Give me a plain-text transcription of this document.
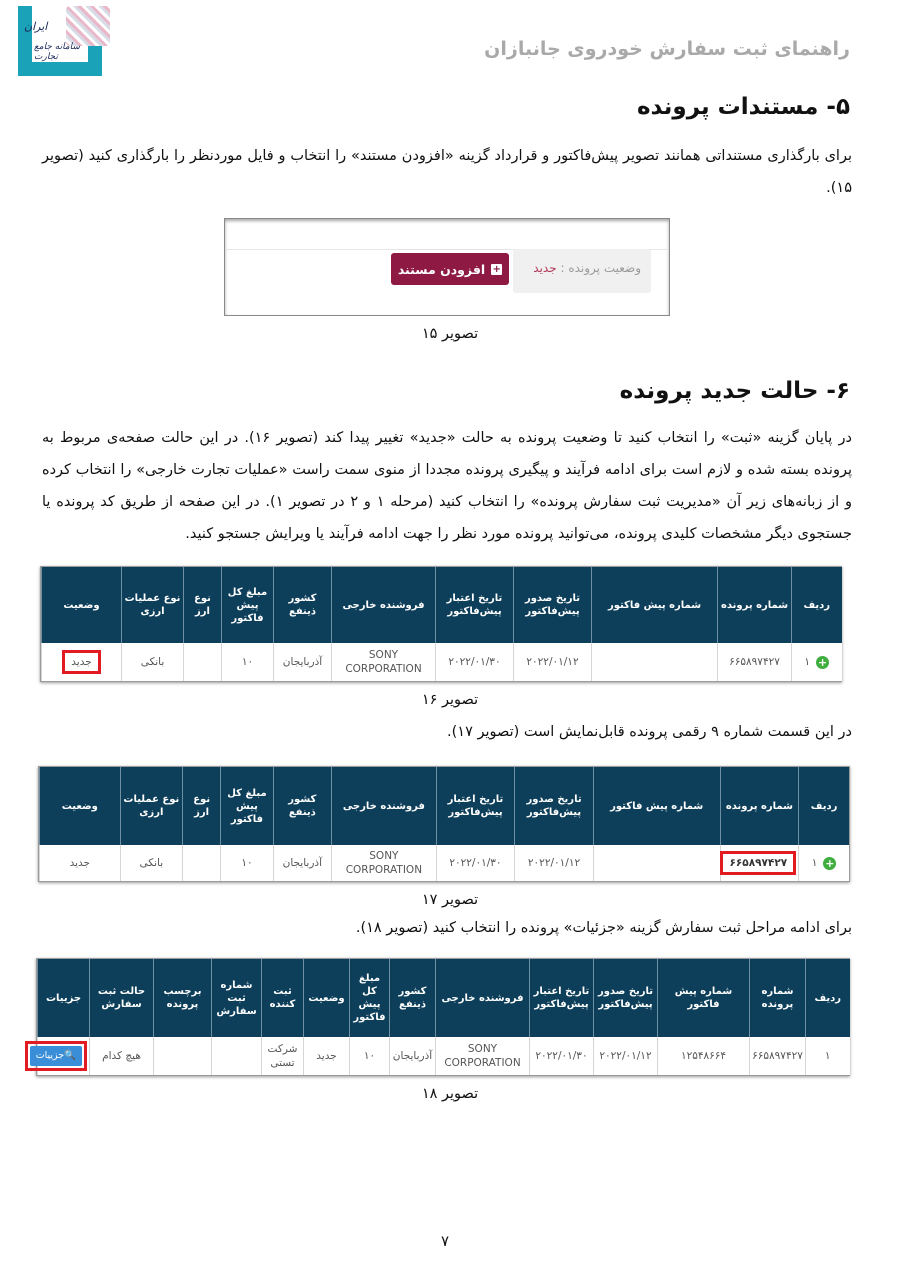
ایران
سامانه جامع تجارت	راهنمای ثبت سفارش خودروی جانبازان
۵- مستندات پرونده
برای بارگذاری مستنداتی همانند تصویر پیش‌فاکتور و قرارداد گزینه «افزودن مستند» را انتخاب و فایل مورد‌نظر را بارگذاری کنید (تصویر ۱۵).
وضعیت پرونده : جدید
+
افزودن مستند
تصویر ۱۵
۶- حالت جدید پرونده
در پایان گزینه «ثبت» را انتخاب کنید تا وضعیت پرونده به حالت «جدید» تغییر پیدا کند (تصویر ۱۶). در این حالت صفحه‌ی مربوط به پرونده بسته شده و لازم است برای ادامه فرآیند و پیگیری پرونده مجددا از منوی سمت راست «عملیات تجارت خارجی» را انتخاب کرده و از زبانه‌های زیر آن «مدیریت ثبت سفارش پرونده» را انتخاب کنید (مرحله ۱ و ۲ در تصویر ۱). در این صفحه از طریق کد پرونده یا جستجوی دیگر مشخصات کلیدی پرونده، می‌توانید پرونده مورد نظر را جهت ادامه فرآیند یا ویرایش جستجو کنید.
ردیف	شماره پرونده	شماره پیش فاکتور	تاریخ صدور پیش‌فاکتور	تاریخ اعتبار پیش‌فاکتور	فروشنده خارجی	کشور ذینفع	مبلغ کل پیش فاکتور	نوع ارز	نوع عملیات ارزی	وضعیت
+۱	۶۶۵۸۹۷۴۲۷		۲۰۲۲/۰۱/۱۲	۲۰۲۲/۰۱/۳۰	SONY CORPORATION	آذربایجان	۱۰		بانکی	جدید
تصویر ۱۶
در این قسمت شماره ۹ رقمی پرونده قابل‌نمایش است (تصویر ۱۷).
ردیف	شماره پرونده	شماره پیش فاکتور	تاریخ صدور پیش‌فاکتور	تاریخ اعتبار پیش‌فاکتور	فروشنده خارجی	کشور ذینفع	مبلغ کل پیش فاکتور	نوع ارز	نوع عملیات ارزی	وضعیت
+۱	۶۶۵۸۹۷۴۲۷		۲۰۲۲/۰۱/۱۲	۲۰۲۲/۰۱/۳۰	SONY CORPORATION	آذربایجان	۱۰		بانکی	جدید
تصویر ۱۷
برای ادامه مراحل ثبت سفارش گزینه «جزئیات» پرونده را انتخاب کنید (تصویر ۱۸).
ردیف	شماره پرونده	شماره پیش فاکتور	تاریخ صدور پیش‌فاکتور	تاریخ اعتبار پیش‌فاکتور	فروشنده خارجی	کشور ذینفع	مبلغ کل پیش فاکتور	وضعیت	ثبت کننده	شماره ثبت سفارش	برچسب پرونده	حالت ثبت سفارش	جزییات
۱	۶۶۵۸۹۷۴۲۷	۱۲۵۴۸۶۶۴	۲۰۲۲/۰۱/۱۲	۲۰۲۲/۰۱/۳۰	SONY CORPORATION	آذربایجان	۱۰	جدید	شرکت تستی			هیچ کدام	🔍جزییات
تصویر ۱۸
۷
